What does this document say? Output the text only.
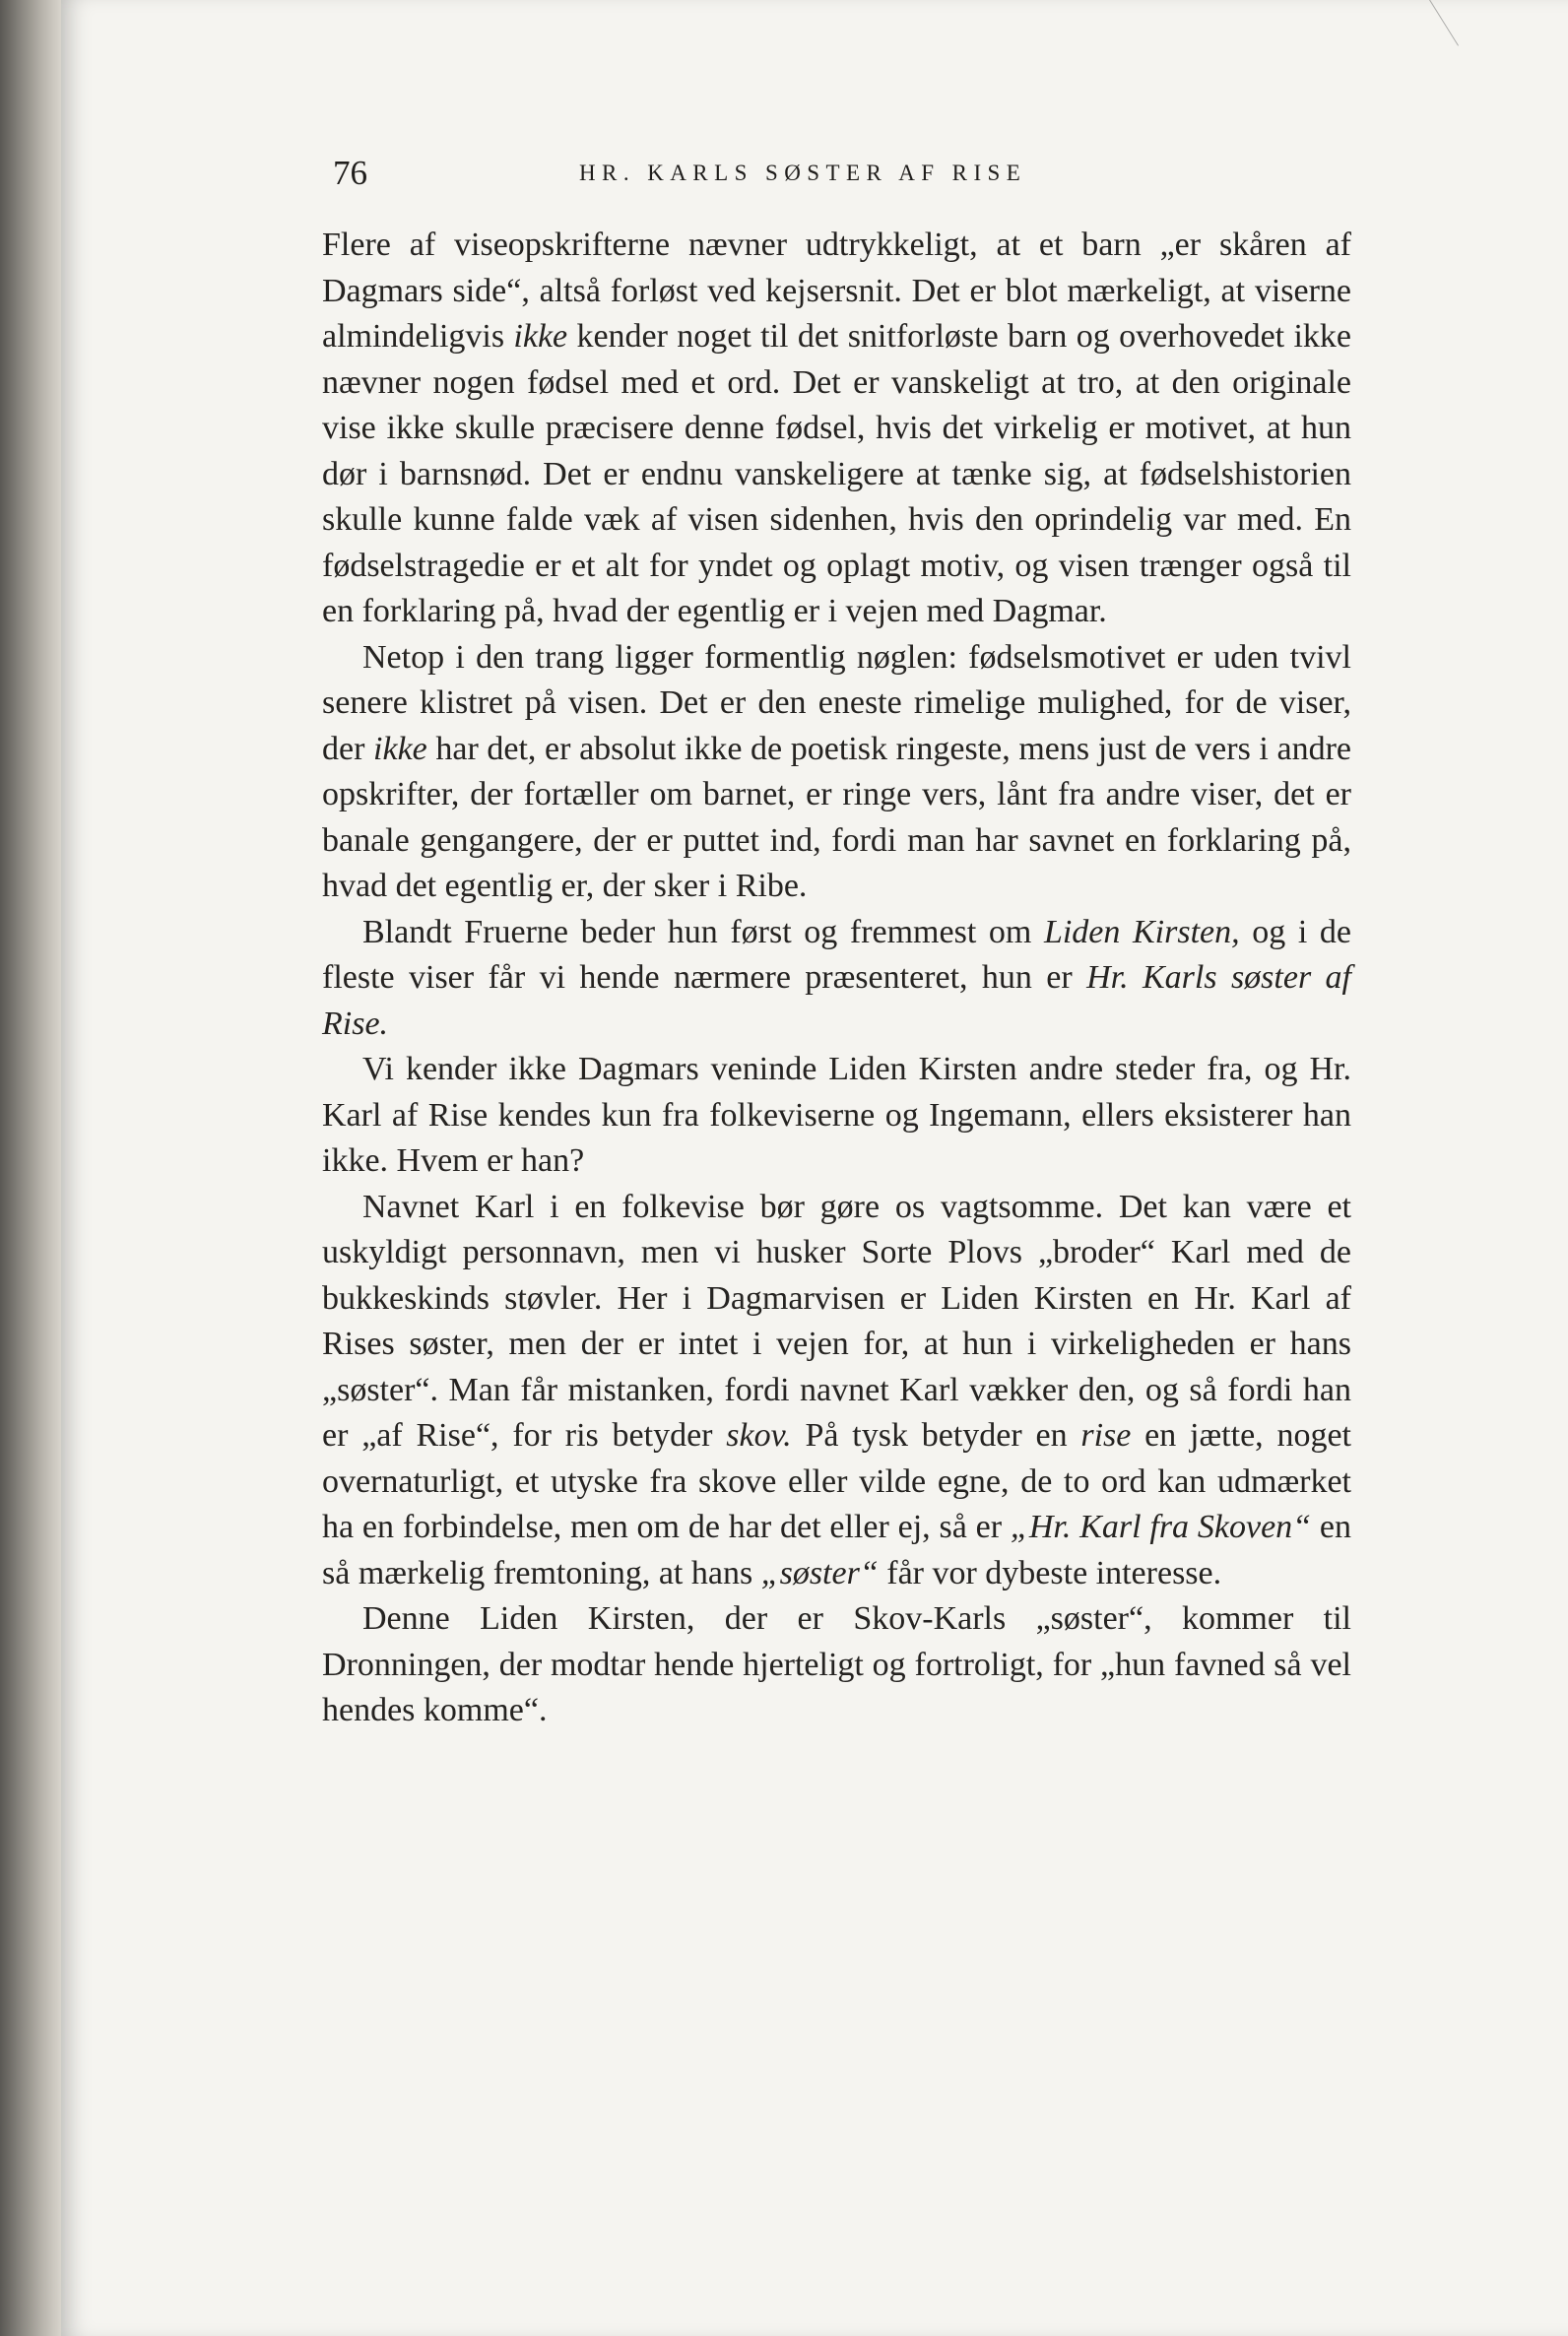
76	HR. KARLS SØSTER AF RISE

Flere af viseopskrifterne nævner udtrykkeligt, at et barn „er skåren af Dagmars side“, altså forløst ved kejsersnit. Det er blot mærkeligt, at viserne almindeligvis ikke kender noget til det snitforløste barn og overhovedet ikke nævner nogen fødsel med et ord. Det er vanskeligt at tro, at den originale vise ikke skulle præcisere denne fødsel, hvis det virkelig er motivet, at hun dør i barnsnød. Det er endnu vanskeligere at tænke sig, at fødselshistorien skulle kunne falde væk af visen sidenhen, hvis den oprindelig var med. En fødselstragedie er et alt for yndet og oplagt motiv, og visen trænger også til en forklaring på, hvad der egentlig er i vejen med Dagmar.

Netop i den trang ligger formentlig nøglen: fødselsmotivet er uden tvivl senere klistret på visen. Det er den eneste rimelige mulighed, for de viser, der ikke har det, er absolut ikke de poetisk ringeste, mens just de vers i andre opskrifter, der fortæller om barnet, er ringe vers, lånt fra andre viser, det er banale gengangere, der er puttet ind, fordi man har savnet en forklaring på, hvad det egentlig er, der sker i Ribe.

Blandt Fruerne beder hun først og fremmest om Liden Kirsten, og i de fleste viser får vi hende nærmere præsenteret, hun er Hr. Karls søster af Rise.

Vi kender ikke Dagmars veninde Liden Kirsten andre steder fra, og Hr. Karl af Rise kendes kun fra folkeviserne og Ingemann, ellers eksisterer han ikke. Hvem er han?

Navnet Karl i en folkevise bør gøre os vagtsomme. Det kan være et uskyldigt personnavn, men vi husker Sorte Plovs „broder“ Karl med de bukkeskinds støvler. Her i Dagmarvisen er Liden Kirsten en Hr. Karl af Rises søster, men der er intet i vejen for, at hun i virkeligheden er hans „søster“. Man får mistanken, fordi navnet Karl vækker den, og så fordi han er „af Rise“, for ris betyder skov. På tysk betyder en rise en jætte, noget overnaturligt, et utyske fra skove eller vilde egne, de to ord kan udmærket ha en forbindelse, men om de har det eller ej, så er „Hr. Karl fra Skoven“ en så mærkelig fremtoning, at hans „søster“ får vor dybeste interesse.

Denne Liden Kirsten, der er Skov-Karls „søster“, kommer til Dronningen, der modtar hende hjerteligt og fortroligt, for „hun favned så vel hendes komme“.
